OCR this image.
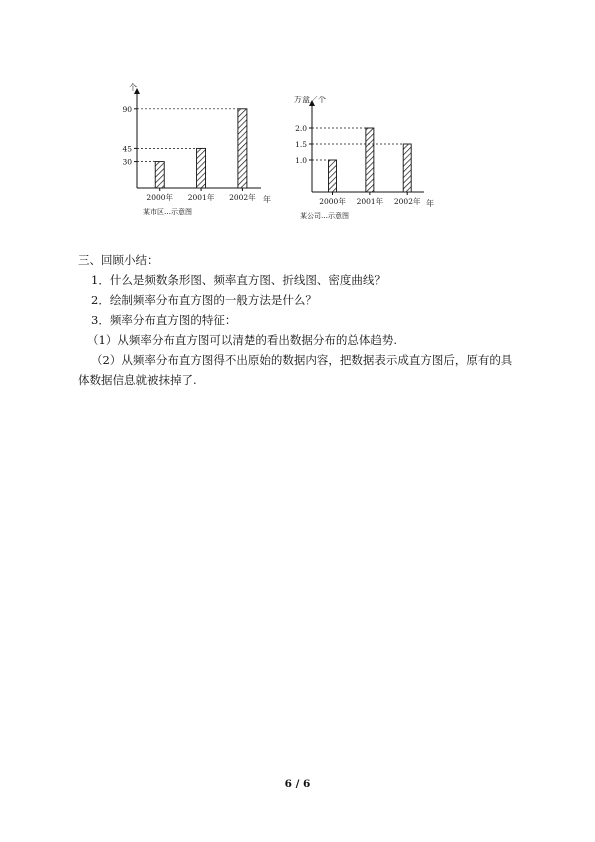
个
年
30
45
90
2000年 2001年 2002年
某市区…示意图
万盒／个
年
1.0
1.5
2.0
2000年 2001年 2002年
某公司…示意图
三、回顾小结：
1．什么是频数条形图、频率直方图、折线图、密度曲线？
2．绘制频率分布直方图的一般方法是什么？
3．频率分布直方图的特征：
（1）从频率分布直方图可以清楚的看出数据分布的总体趋势.
（2）从频率分布直方图得不出原始的数据内容，把数据表示成直方图后，原有的具体数据信息就被抹掉了.
6 / 6
